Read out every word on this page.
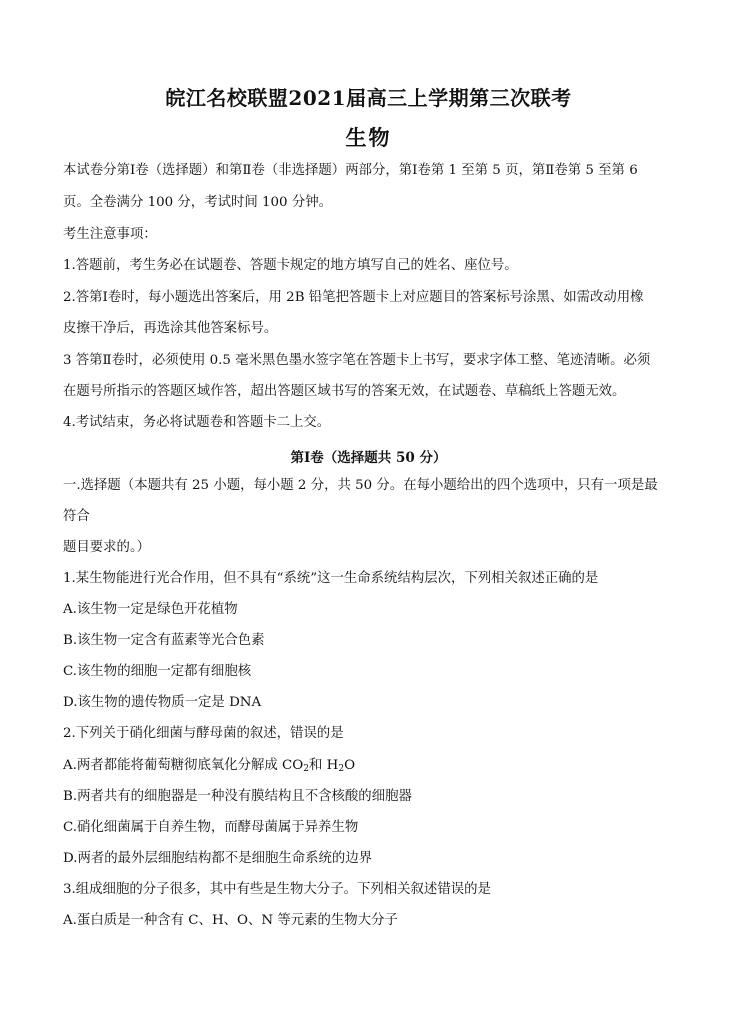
皖江名校联盟2021届高三上学期第三次联考
生物
本试卷分第Ⅰ卷（选择题）和第Ⅱ卷（非选择题）两部分，第Ⅰ卷第 1 至第 5 页，第Ⅱ卷第 5 至第 6
页。全卷满分 100 分，考试时间 100 分钟。
考生注意事项：
1.答题前，考生务必在试题卷、答题卡规定的地方填写自己的姓名、座位号。
2.答第Ⅰ卷时，每小题选出答案后，用 2B 铅笔把答题卡上对应题目的答案标号涂黑、如需改动用橡
皮擦干净后，再选涂其他答案标号。
3 答第Ⅱ卷时，必须使用 0.5 毫米黑色墨水签字笔在答题卡上书写，要求字体工整、笔迹清晰。必须
在题号所指示的答题区域作答，超出答题区域书写的答案无效，在试题卷、草稿纸上答题无效。
4.考试结束，务必将试题卷和答题卡二上交。
第Ⅰ卷（选择题共 50 分）
一.选择题（本题共有 25 小题，每小题 2 分，共 50 分。在每小题给出的四个选项中，只有一项是最
符合
题目要求的。）
1.某生物能进行光合作用，但不具有“系统”这一生命系统结构层次，下列相关叙述正确的是
A.该生物一定是绿色开花植物
B.该生物一定含有蓝素等光合色素
C.该生物的细胞一定都有细胞核
D.该生物的遗传物质一定是 DNA
2.下列关于硝化细菌与酵母菌的叙述，错误的是
A.两者都能将葡萄糖彻底氧化分解成 $CO_2$和 $H_2O$
B.两者共有的细胞器是一种没有膜结构且不含核酸的细胞器
C.硝化细菌属于自养生物，而酵母菌属于异养生物
D.两者的最外层细胞结构都不是细胞生命系统的边界
3.组成细胞的分子很多，其中有些是生物大分子。下列相关叙述错误的是
A.蛋白质是一种含有 C、H、O、N 等元素的生物大分子
